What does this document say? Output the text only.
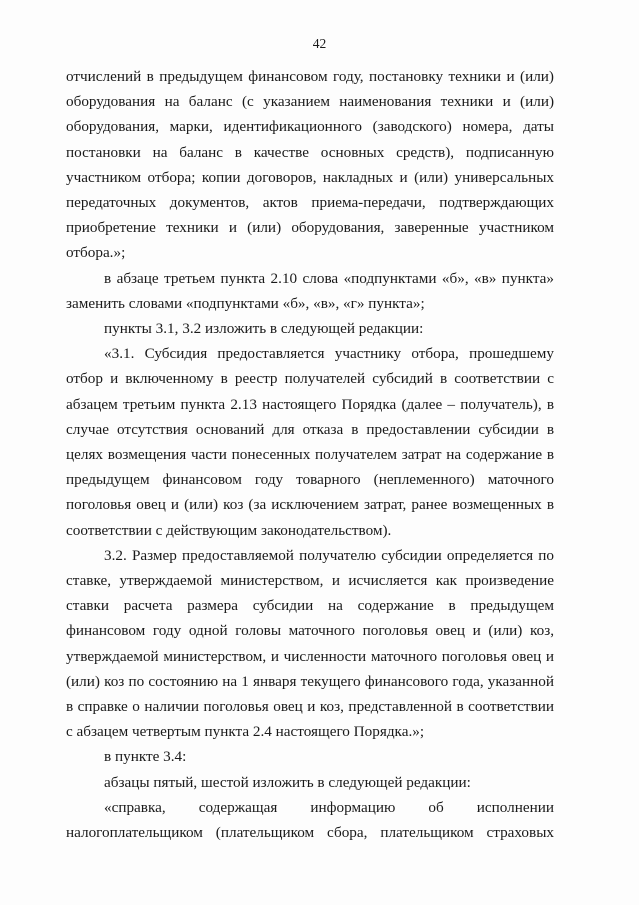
42

отчислений в предыдущем финансовом году, постановку техники и (или) оборудования на баланс (с указанием наименования техники и (или) оборудования, марки, идентификационного (заводского) номера, даты постановки на баланс в качестве основных средств), подписанную участником отбора; копии договоров, накладных и (или) универсальных передаточных документов, актов приема-передачи, подтверждающих приобретение техники и (или) оборудования, заверенные участником отбора.»;

в абзаце третьем пункта 2.10 слова «подпунктами «б», «в» пункта» заменить словами «подпунктами «б», «в», «г» пункта»;

пункты 3.1, 3.2 изложить в следующей редакции:

«3.1. Субсидия предоставляется участнику отбора, прошедшему отбор и включенному в реестр получателей субсидий в соответствии с абзацем третьим пункта 2.13 настоящего Порядка (далее – получатель), в случае отсутствия оснований для отказа в предоставлении субсидии в целях возмещения части понесенных получателем затрат на содержание в предыдущем финансовом году товарного (неплеменного) маточного поголовья овец и (или) коз (за исключением затрат, ранее возмещенных в соответствии с действующим законодательством).

3.2. Размер предоставляемой получателю субсидии определяется по ставке, утверждаемой министерством, и исчисляется как произведение ставки расчета размера субсидии на содержание в предыдущем финансовом году одной головы маточного поголовья овец и (или) коз, утверждаемой министерством, и численности маточного поголовья овец и (или) коз по состоянию на 1 января текущего финансового года, указанной в справке о наличии поголовья овец и коз, представленной в соответствии с абзацем четвертым пункта 2.4 настоящего Порядка.»;

в пункте 3.4:

абзацы пятый, шестой изложить в следующей редакции:

«справка, содержащая информацию об исполнении налогоплательщиком (плательщиком сбора, плательщиком страховых
